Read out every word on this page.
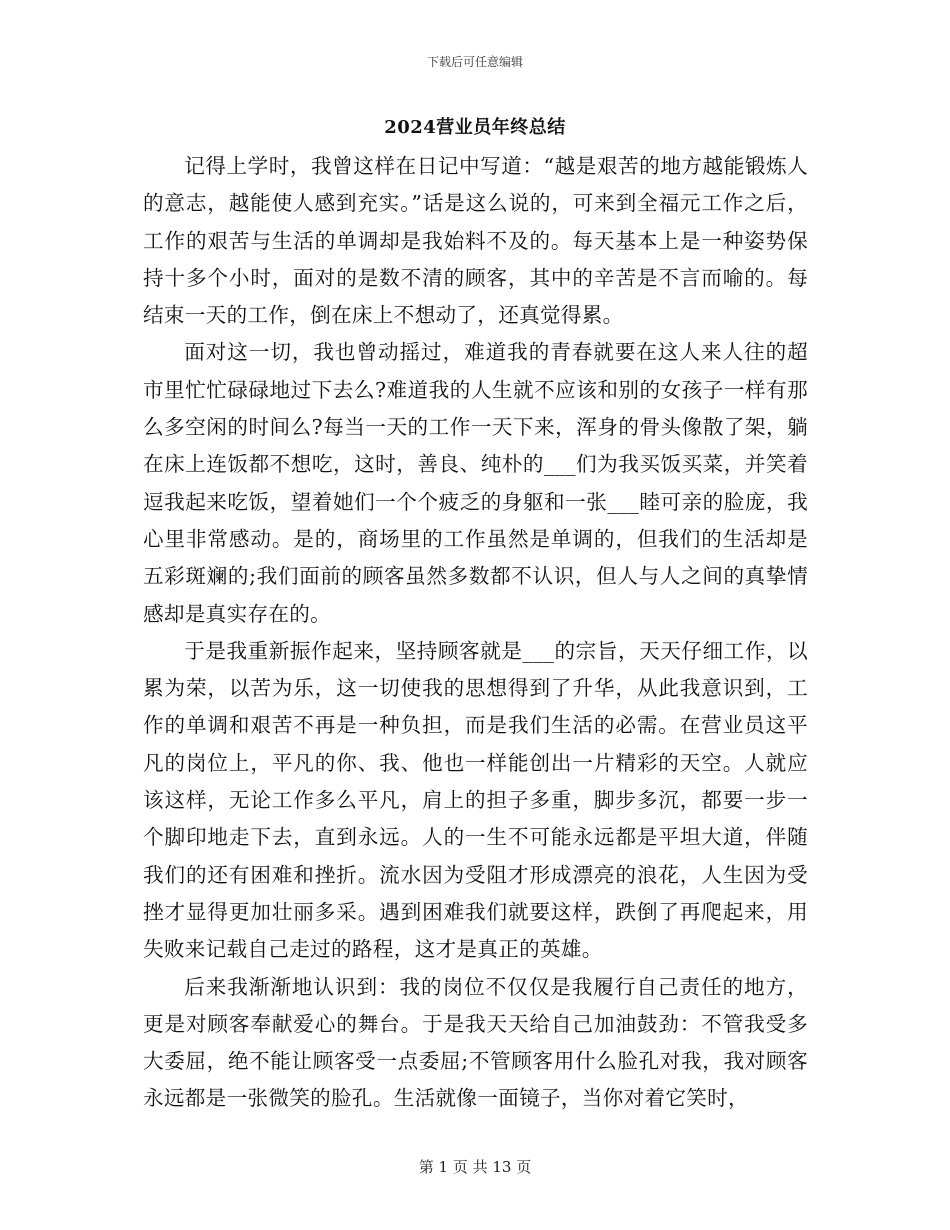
下载后可任意编辑
2024营业员年终总结

记得上学时，我曾这样在日记中写道：“越是艰苦的地方越能锻炼人的意志，越能使人感到充实。”话是这么说的，可来到全福元工作之后，工作的艰苦与生活的单调却是我始料不及的。每天基本上是一种姿势保持十多个小时，面对的是数不清的顾客，其中的辛苦是不言而喻的。每结束一天的工作，倒在床上不想动了，还真觉得累。

面对这一切，我也曾动摇过，难道我的青春就要在这人来人往的超市里忙忙碌碌地过下去么?难道我的人生就不应该和别的女孩子一样有那么多空闲的时间么?每当一天的工作一天下来，浑身的骨头像散了架，躺在床上连饭都不想吃，这时，善良、纯朴的___们为我买饭买菜，并笑着逗我起来吃饭，望着她们一个个疲乏的身躯和一张___睦可亲的脸庞，我心里非常感动。是的，商场里的工作虽然是单调的，但我们的生活却是五彩斑斓的;我们面前的顾客虽然多数都不认识，但人与人之间的真挚情感却是真实存在的。

于是我重新振作起来，坚持顾客就是___的宗旨，天天仔细工作，以累为荣，以苦为乐，这一切使我的思想得到了升华，从此我意识到，工作的单调和艰苦不再是一种负担，而是我们生活的必需。在营业员这平凡的岗位上，平凡的你、我、他也一样能创出一片精彩的天空。人就应该这样，无论工作多么平凡，肩上的担子多重，脚步多沉，都要一步一个脚印地走下去，直到永远。人的一生不可能永远都是平坦大道，伴随我们的还有困难和挫折。流水因为受阻才形成漂亮的浪花，人生因为受挫才显得更加壮丽多采。遇到困难我们就要这样，跌倒了再爬起来，用失败来记载自己走过的路程，这才是真正的英雄。

后来我渐渐地认识到：我的岗位不仅仅是我履行自己责任的地方，更是对顾客奉献爱心的舞台。于是我天天给自己加油鼓劲：不管我受多大委屈，绝不能让顾客受一点委屈;不管顾客用什么脸孔对我，我对顾客永远都是一张微笑的脸孔。生活就像一面镜子，当你对着它笑时，

第 1 页 共 13 页
